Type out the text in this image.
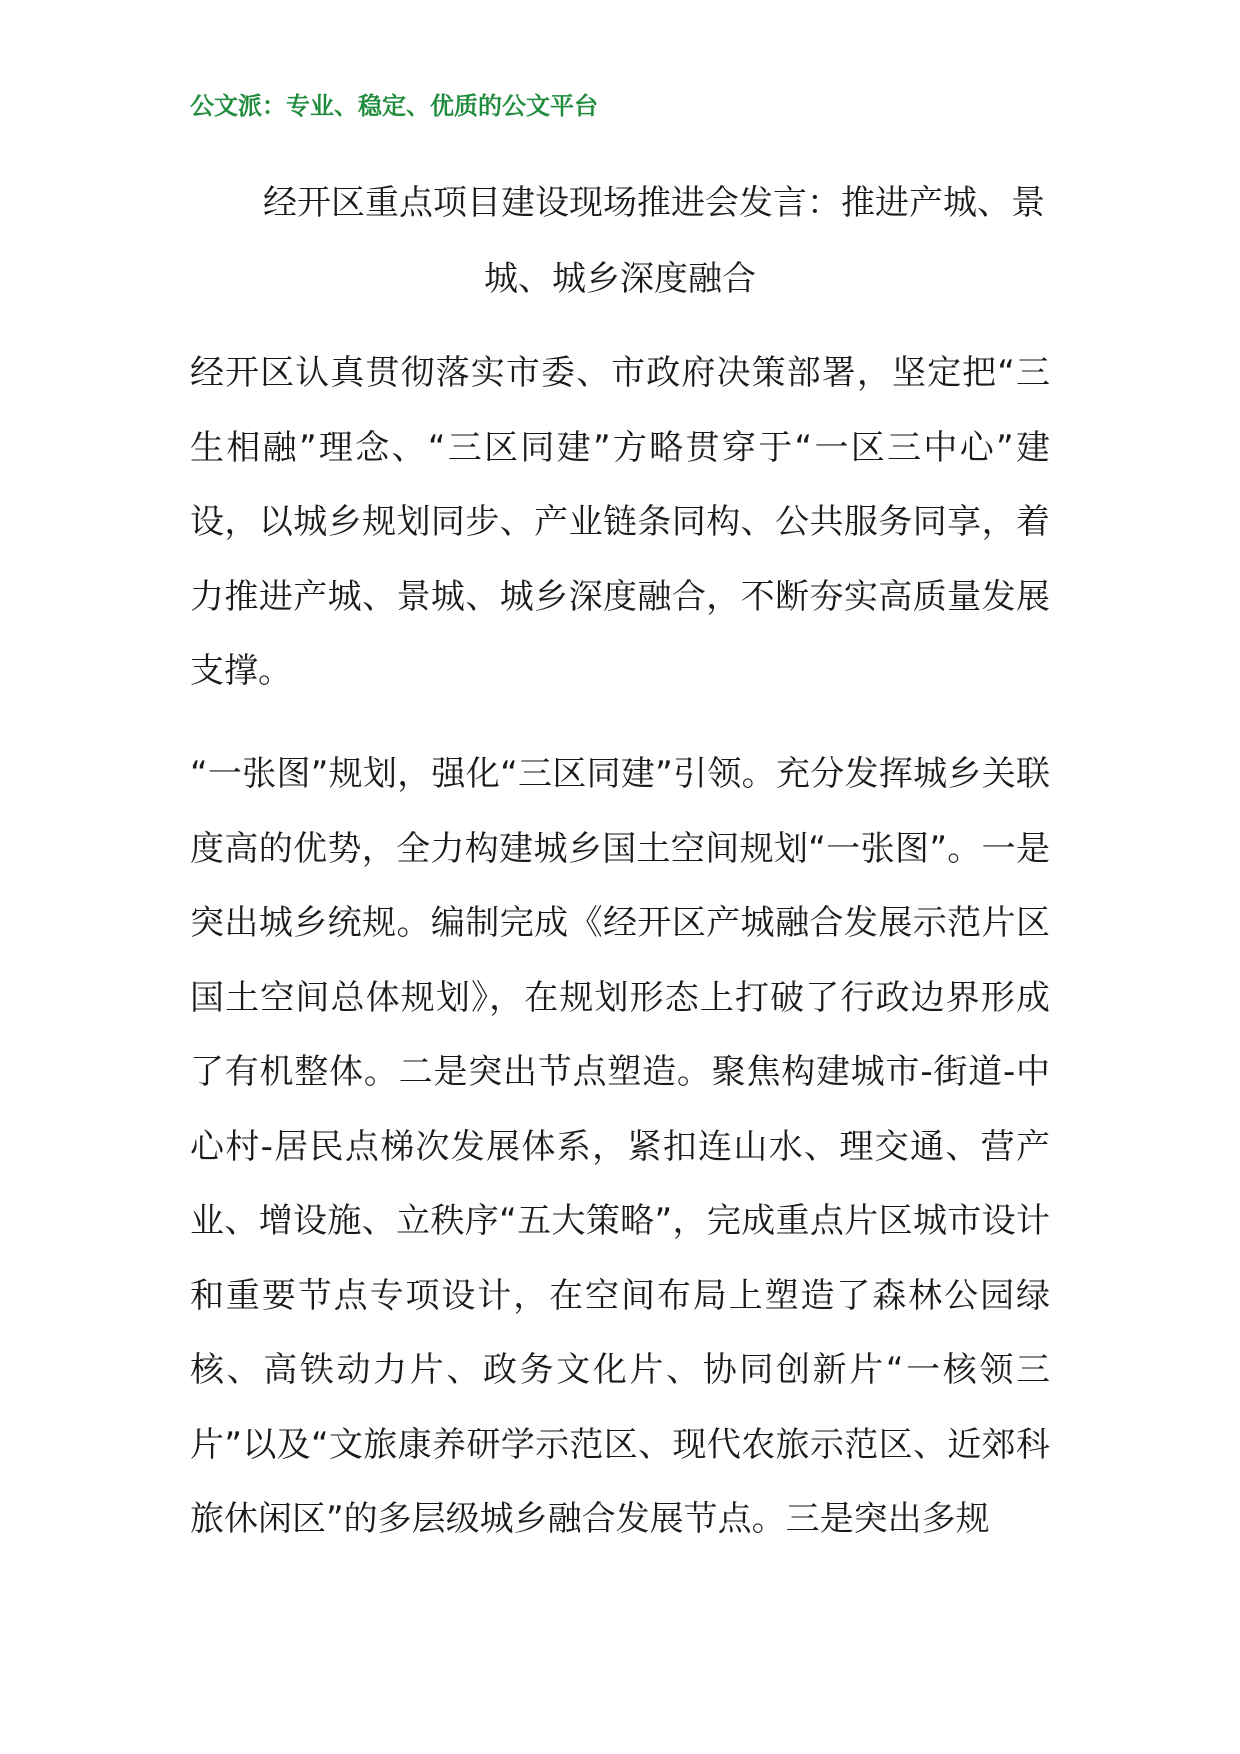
公文派：专业、稳定、优质的公文平台
经开区重点项目建设现场推进会发言：推进产城、景
城、城乡深度融合
经开区认真贯彻落实市委、市政府决策部署，坚定把“三生相融”理念、“三区同建”方略贯穿于“一区三中心”建设，以城乡规划同步、产业链条同构、公共服务同享，着力推进产城、景城、城乡深度融合，不断夯实高质量发展支撑。
“一张图”规划，强化“三区同建”引领。充分发挥城乡关联度高的优势，全力构建城乡国土空间规划“一张图”。一是突出城乡统规。编制完成《经开区产城融合发展示范片区国土空间总体规划》，在规划形态上打破了行政边界形成了有机整体。二是突出节点塑造。聚焦构建城市-街道-中心村-居民点梯次发展体系，紧扣连山水、理交通、营产业、增设施、立秩序“五大策略”，完成重点片区城市设计和重要节点专项设计，在空间布局上塑造了森林公园绿核、高铁动力片、政务文化片、协同创新片“一核领三片”以及“文旅康养研学示范区、现代农旅示范区、近郊科旅休闲区”的多层级城乡融合发展节点。三是突出多规
